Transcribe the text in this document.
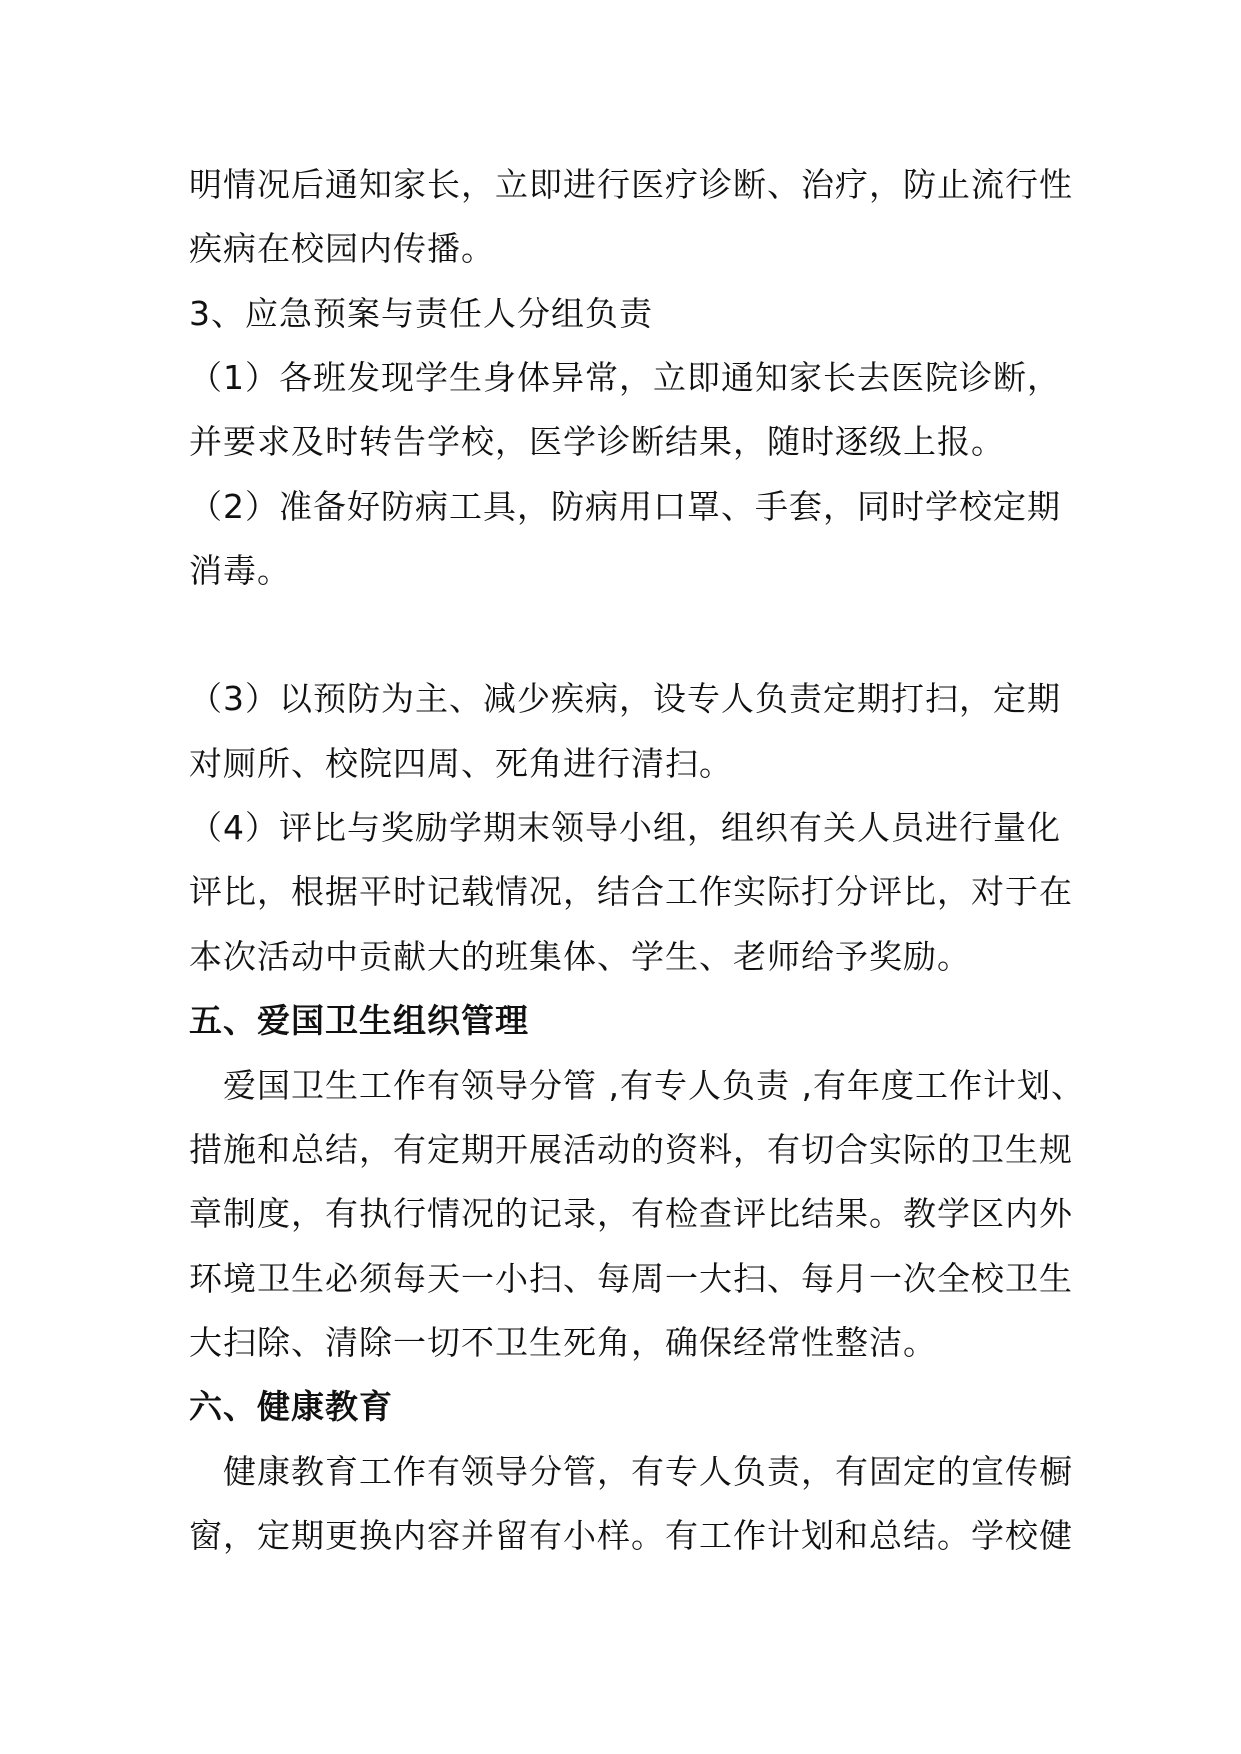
明情况后通知家长，立即进行医疗诊断、治疗，防止流行性
疾病在校园内传播。
3、应急预案与责任人分组负责
（1）各班发现学生身体异常，立即通知家长去医院诊断，
并要求及时转告学校，医学诊断结果，随时逐级上报。
（2）准备好防病工具，防病用口罩、手套，同时学校定期
消毒。
（3）以预防为主、减少疾病，设专人负责定期打扫，定期
对厕所、校院四周、死角进行清扫。
（4）评比与奖励学期末领导小组，组织有关人员进行量化
评比，根据平时记载情况，结合工作实际打分评比，对于在
本次活动中贡献大的班集体、学生、老师给予奖励。
五、爱国卫生组织管理
　爱国卫生工作有领导分管 ,有专人负责 ,有年度工作计划、
措施和总结，有定期开展活动的资料，有切合实际的卫生规
章制度，有执行情况的记录，有检查评比结果。教学区内外
环境卫生必须每天一小扫、每周一大扫、每月一次全校卫生
大扫除、清除一切不卫生死角，确保经常性整洁。
六、健康教育
　健康教育工作有领导分管，有专人负责，有固定的宣传橱
窗，定期更换内容并留有小样。有工作计划和总结。学校健
